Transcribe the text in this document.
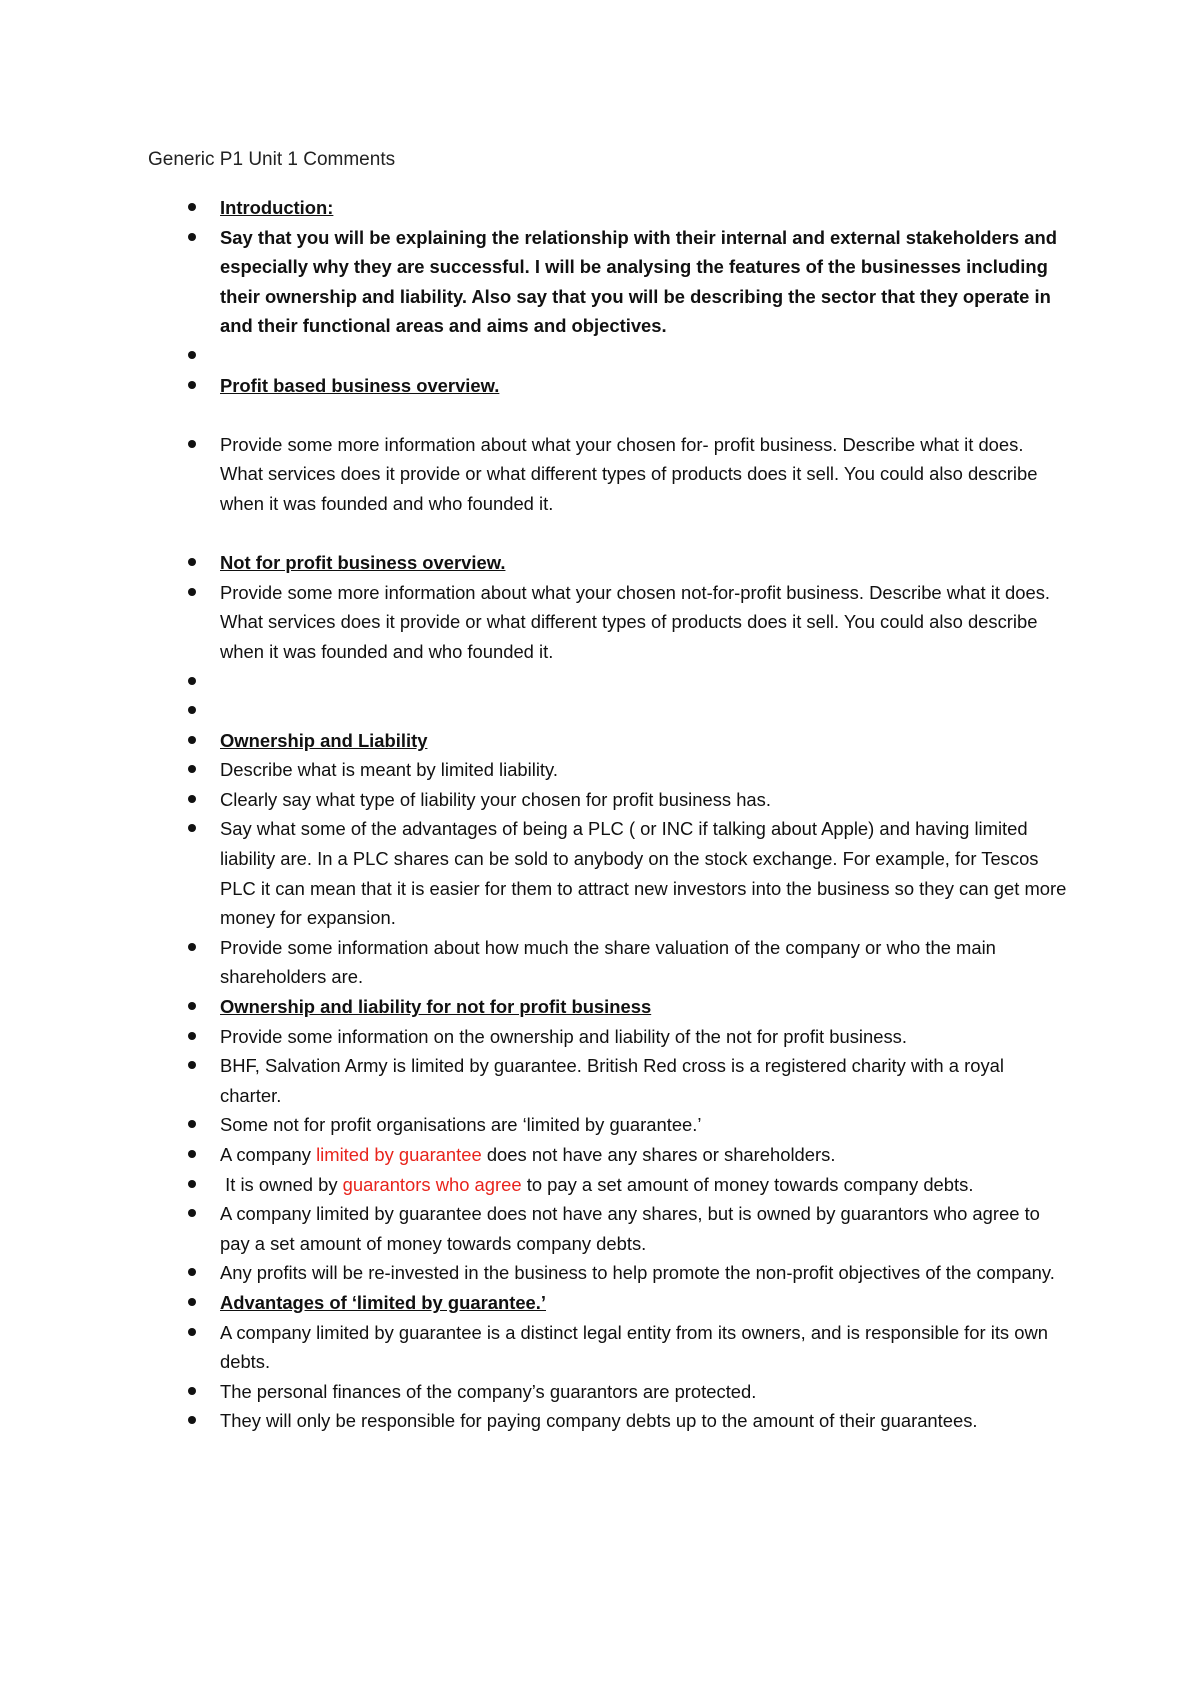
Generic P1 Unit 1 Comments
Introduction:
Say that you will be explaining the relationship with their internal and external stakeholders and especially why they are successful. I will be analysing the features of the businesses including their ownership and liability. Also say that you will be describing the sector that they operate in and their functional areas and aims and objectives.
Profit based business overview.
Provide some more information about what your chosen for- profit business. Describe what it does. What services does it provide or what different types of products does it sell. You could also describe when it was founded and who founded it.
Not for profit business overview.
Provide some more information about what your chosen not-for-profit business. Describe what it does. What services does it provide or what different types of products does it sell. You could also describe when it was founded and who founded it.
Ownership and Liability
Describe what is meant by limited liability.
Clearly say what type of liability your chosen for profit business has.
Say what some of the advantages of being a PLC ( or INC if talking about Apple) and having limited liability are. In a PLC shares can be sold to anybody on the stock exchange. For example, for Tescos PLC it can mean that it is easier for them to attract new investors into the business so they can get more money for expansion.
Provide some information about how much the share valuation of the company or who the main shareholders are.
Ownership and liability for not for profit business
Provide some information on the ownership and liability of the not for profit business.
BHF, Salvation Army is limited by guarantee. British Red cross is a registered charity with a royal charter.
Some not for profit organisations are ‘limited by guarantee.’
A company limited by guarantee does not have any shares or shareholders.
It is owned by guarantors who agree to pay a set amount of money towards company debts.
A company limited by guarantee does not have any shares, but is owned by guarantors who agree to pay a set amount of money towards company debts.
Any profits will be re-invested in the business to help promote the non-profit objectives of the company.
Advantages of ‘limited by guarantee.’
A company limited by guarantee is a distinct legal entity from its owners, and is responsible for its own debts.
The personal finances of the company’s guarantors are protected.
They will only be responsible for paying company debts up to the amount of their guarantees.
